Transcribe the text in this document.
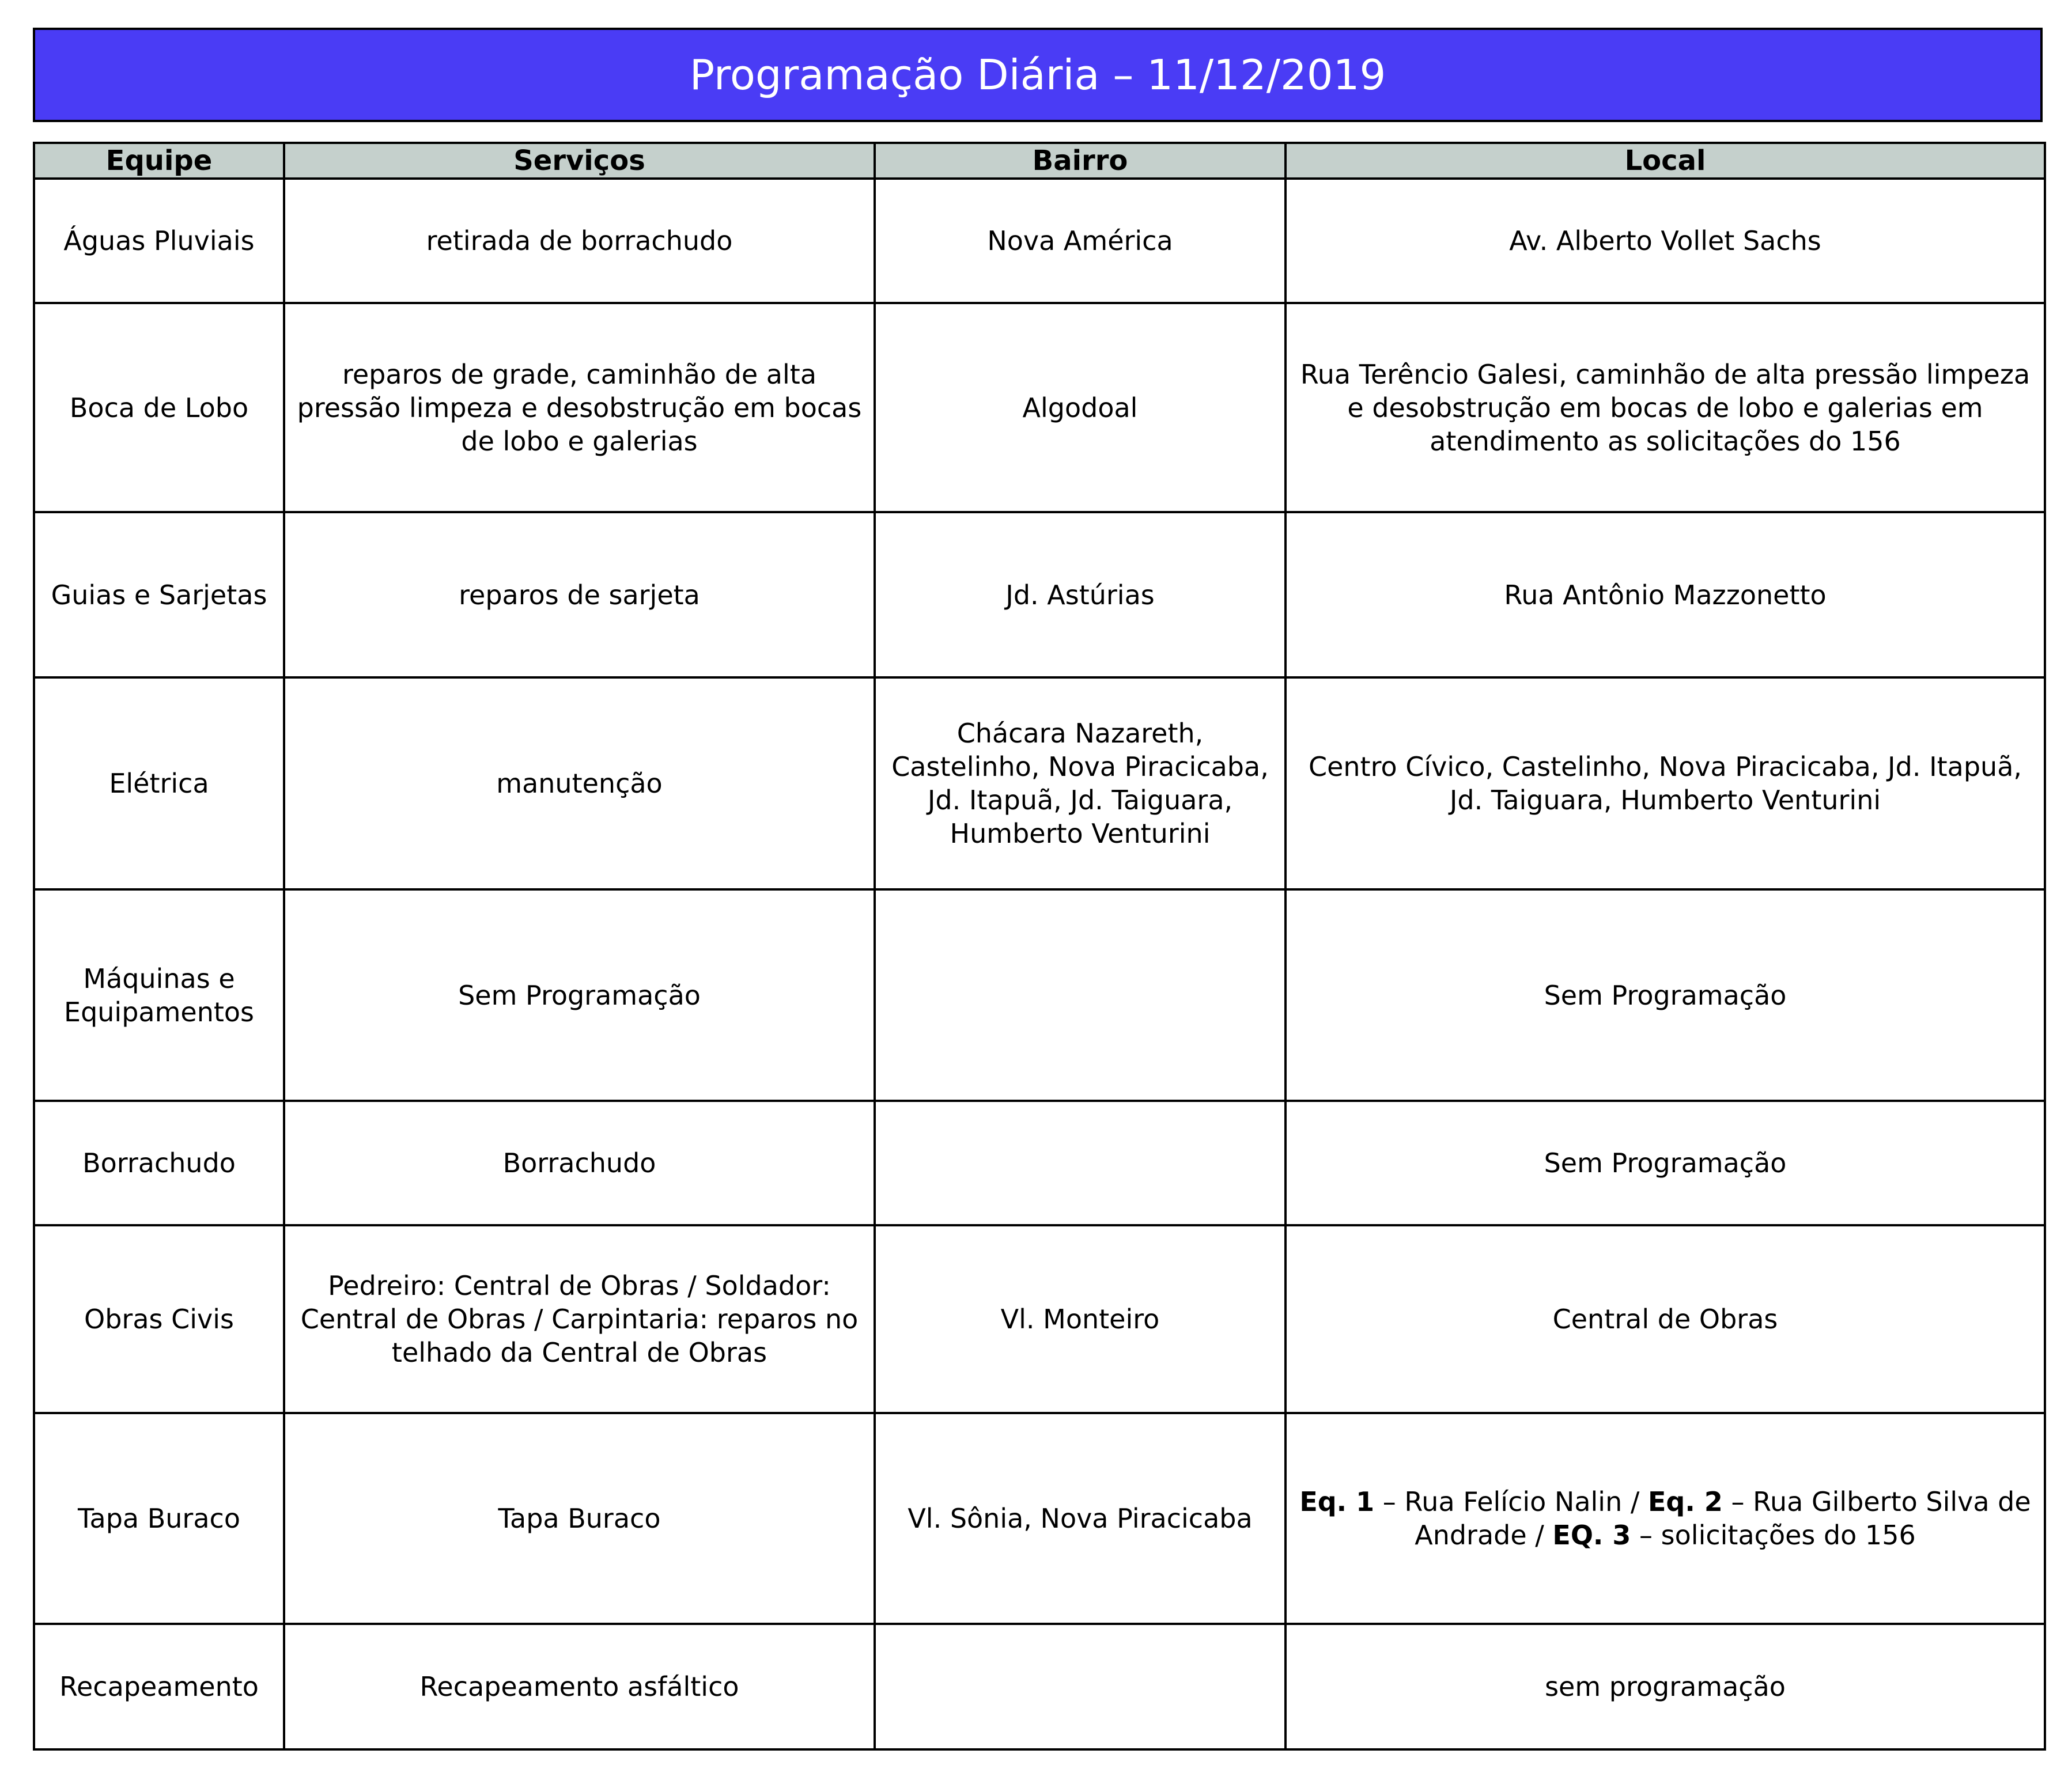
Programação Diária – 11/12/2019
Equipe	Serviços	Bairro	Local
Águas Pluviais	retirada de borrachudo	Nova América	Av. Alberto Vollet Sachs
Boca de Lobo	reparos de grade, caminhão de alta pressão limpeza e desobstrução em bocas de lobo e galerias	Algodoal	Rua Terêncio Galesi, caminhão de alta pressão limpeza e desobstrução em bocas de lobo e galerias em atendimento as solicitações do 156
Guias e Sarjetas	reparos de sarjeta	Jd. Astúrias	Rua Antônio Mazzonetto
Elétrica	manutenção	Chácara Nazareth, Castelinho, Nova Piracicaba, Jd. Itapuã, Jd. Taiguara, Humberto Venturini	Centro Cívico, Castelinho, Nova Piracicaba, Jd. Itapuã, Jd. Taiguara, Humberto Venturini
Máquinas e Equipamentos	Sem Programação		Sem Programação
Borrachudo	Borrachudo		Sem Programação
Obras Civis	Pedreiro: Central de Obras / Soldador: Central de Obras / Carpintaria: reparos no telhado da Central de Obras	Vl. Monteiro	Central de Obras
Tapa Buraco	Tapa Buraco	Vl. Sônia, Nova Piracicaba	Eq. 1 – Rua Felício Nalin / Eq. 2 – Rua Gilberto Silva de Andrade / EQ. 3 – solicitações do 156
Recapeamento	Recapeamento asfáltico		sem programação
